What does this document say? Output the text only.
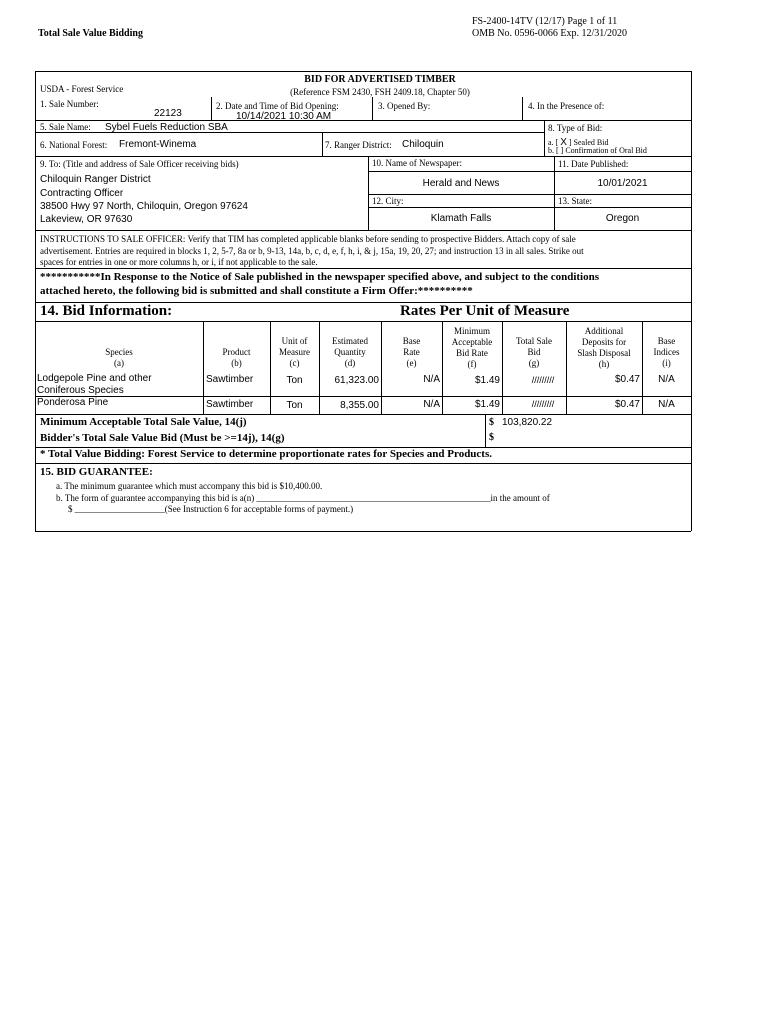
Total Sale Value Bidding
FS-2400-14TV (12/17) Page 1 of 11
OMB No. 0596-0066 Exp. 12/31/2020
BID FOR ADVERTISED TIMBER
(Reference FSM 2430, FSH 2409.18, Chapter 50)
USDA - Forest Service
1. Sale Number:
22123
2. Date and Time of Bid Opening:
10/14/2021 10:30 AM
3. Opened By:	4. In the Presence of:
5. Sale Name: Sybel Fuels Reduction SBA	8. Type of Bid:
a. [ X ] Sealed Bid
b. [ ] Confirmation of Oral Bid
6. National Forest: Fremont-Winema	7. Ranger District: Chiloquin
9. To: (Title and address of Sale Officer receiving bids)
Chiloquin Ranger District
Contracting Officer
38500 Hwy 97 North, Chiloquin, Oregon 97624
Lakeview, OR 97630
10. Name of Newspaper:
Herald and News
11. Date Published:
10/01/2021
12. City:
Klamath Falls
13. State:
Oregon
INSTRUCTIONS TO SALE OFFICER: Verify that TIM has completed applicable blanks before sending to prospective Bidders. Attach copy of sale
advertisement. Entries are required in blocks 1, 2, 5-7, 8a or b, 9-13, 14a, b, c, d, e, f, h, i, & j, 15a, 19, 20, 27; and instruction 13 in all sales. Strike out
spaces for entries in one or more columns h, or i, if not applicable to the sale.
***********In Response to the Notice of Sale published in the newspaper specified above, and subject to the conditions
attached hereto, the following bid is submitted and shall constitute a Firm Offer:**********
14. Bid Information:	Rates Per Unit of Measure
Species
(a)
Product
(b)
Unit of
Measure
(c)
Estimated
Quantity
(d)
Base
Rate
(e)
Minimum
Acceptable
Bid Rate
(f)
Total Sale
Bid
(g)
Additional
Deposits for
Slash Disposal
(h)
Base
Indices
(i)
Lodgepole Pine and other
Coniferous Species
Sawtimber	Ton	61,323.00	N/A	$1.49	/////////	$0.47	N/A
Ponderosa Pine	Sawtimber	Ton	8,355.00	N/A	$1.49	/////////	$0.47	N/A
Minimum Acceptable Total Sale Value, 14(j)	$ 103,820.22
Bidder's Total Sale Value Bid (Must be >=14j), 14(g)	$
* Total Value Bidding: Forest Service to determine proportionate rates for Species and Products.
15. BID GUARANTEE:
a. The minimum guarantee which must accompany this bid is $10,400.00.
b. The form of guarantee accompanying this bid is a(n) ____________________________________________________in the amount of
$ ____________________(See Instruction 6 for acceptable forms of payment.)
